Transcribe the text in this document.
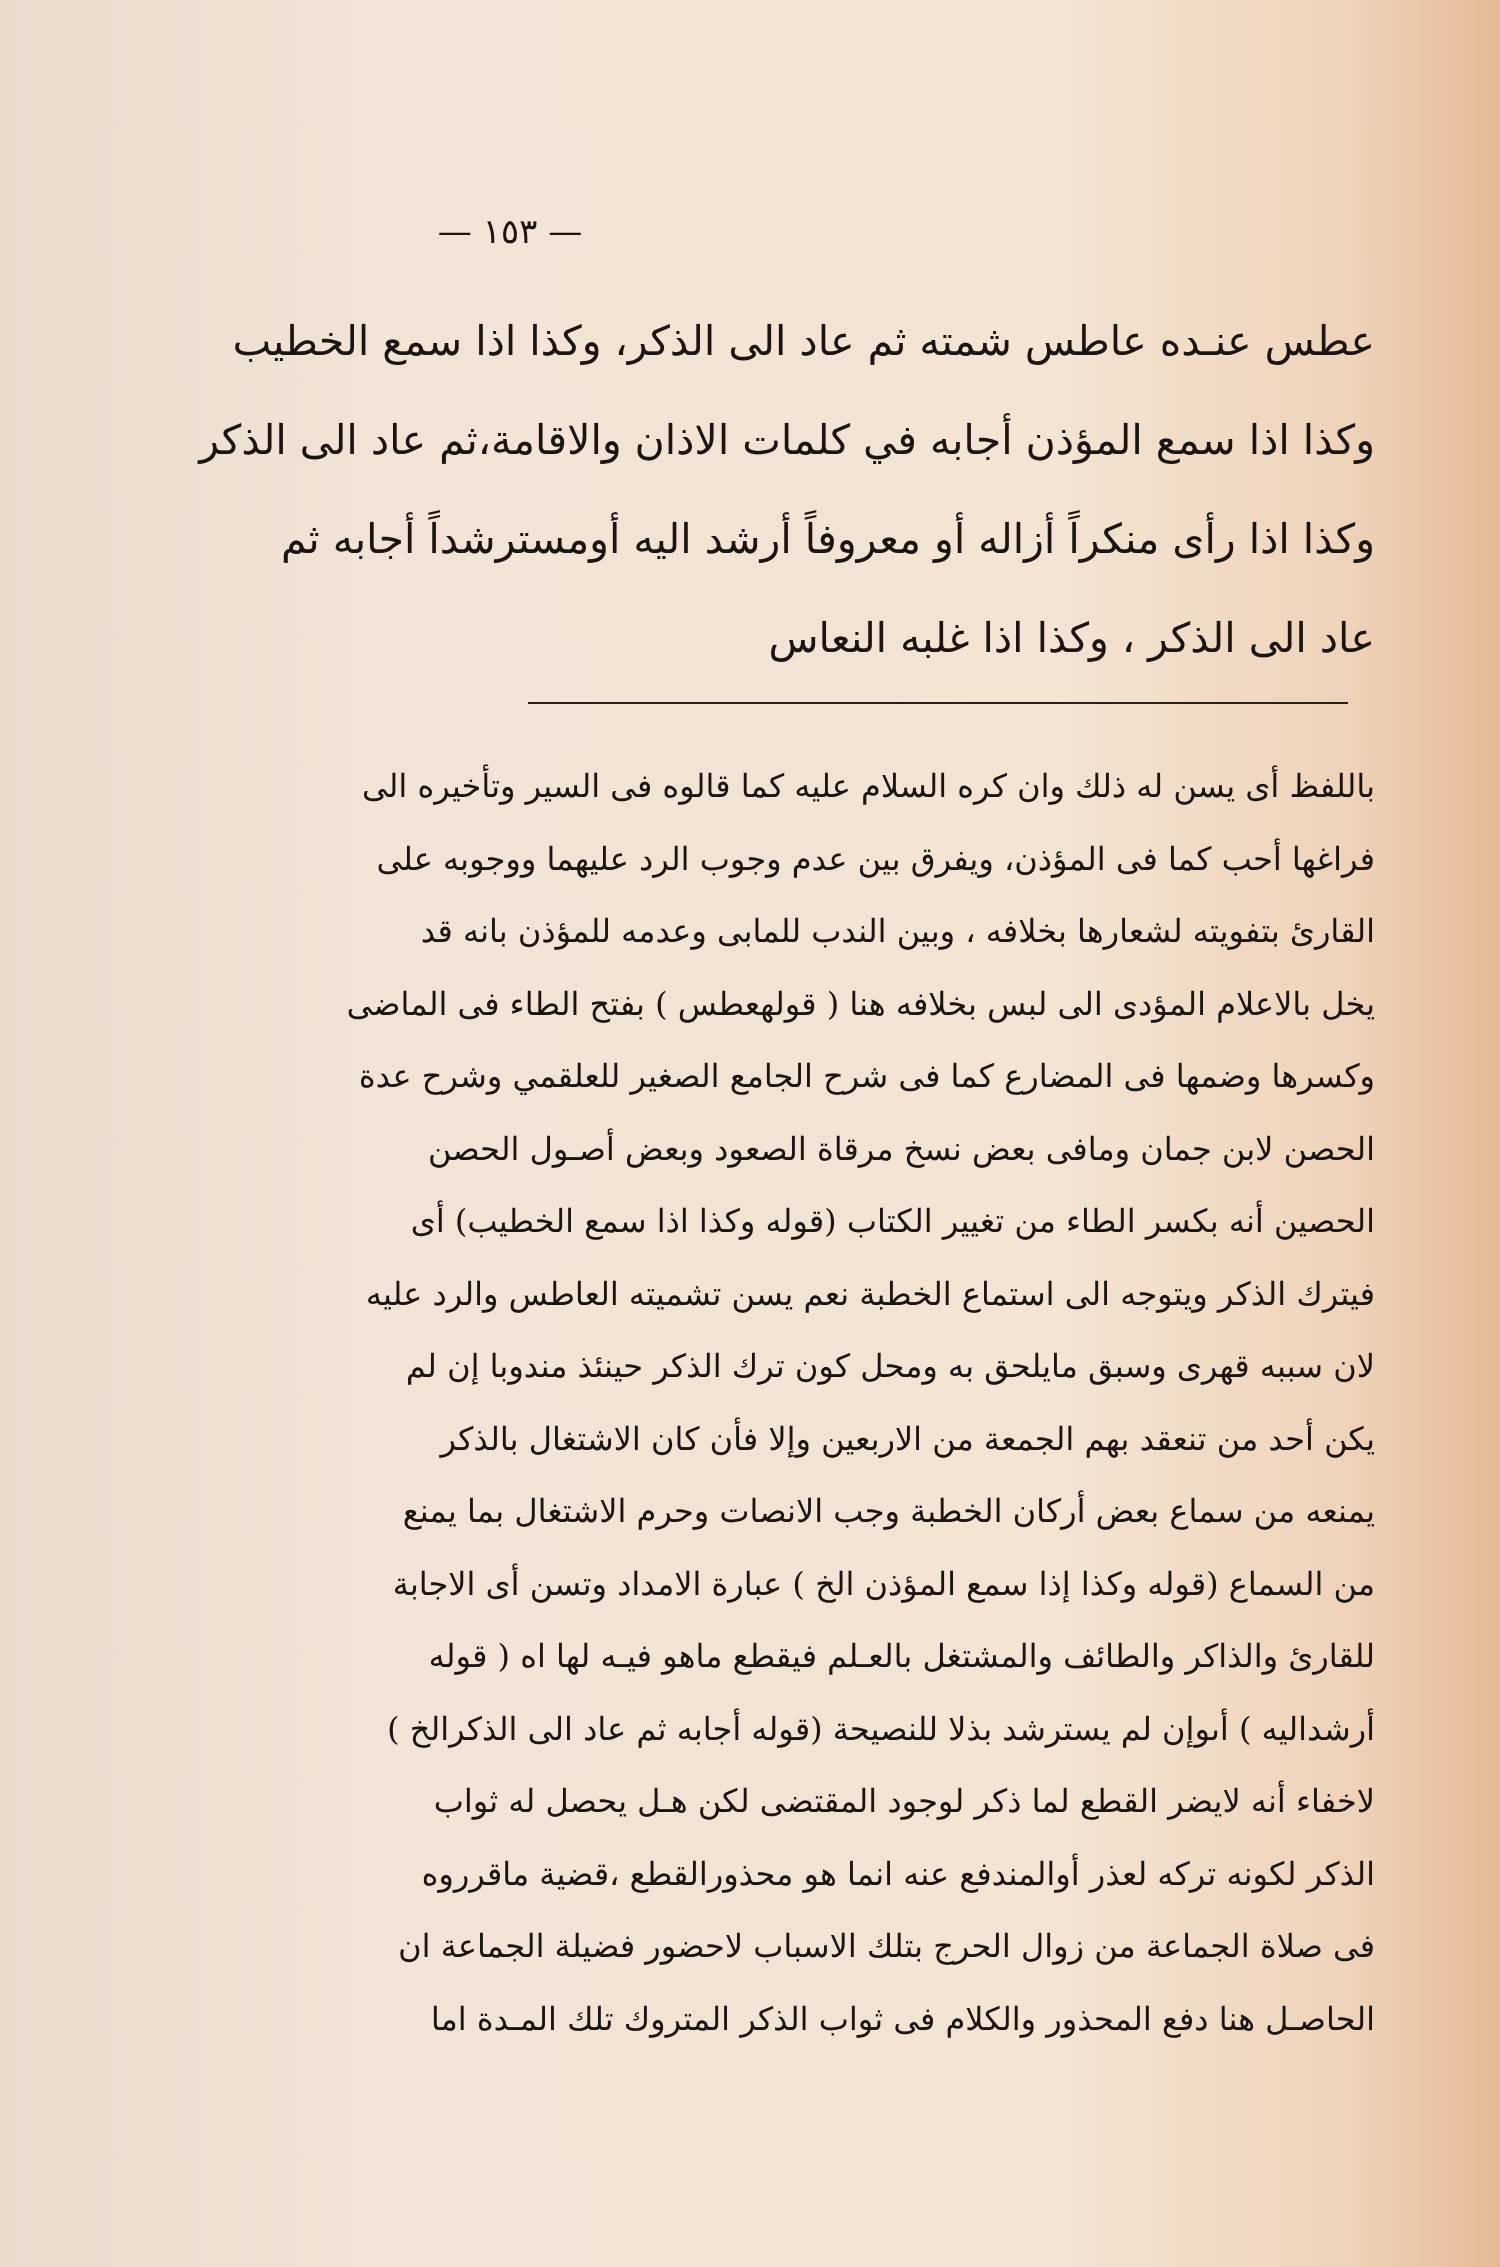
— ١٥٣ —
عطس عنـده عاطس شمته ثم عاد الى الذكر، وكذا اذا سمع الخطيب
وكذا اذا سمع المؤذن أجابه في كلمات الاذان والاقامة،ثم عاد الى الذكر
وكذا اذا رأى منكراً أزاله أو معروفاً أرشد اليه أومسترشداً أجابه ثم
عاد الى الذكر ، وكذا اذا غلبه النعاس
باللفظ أى يسن له ذلك وان كره السلام عليه كما قالوه فى السير وتأخيره الى
فراغها أحب كما فى المؤذن، ويفرق بين عدم وجوب الرد عليهما ووجوبه على
القارئ بتفويته لشعارها بخلافه ، وبين الندب للمابى وعدمه للمؤذن بانه قد
يخل بالاعلام المؤدى الى لبس بخلافه هنا ( قولهعطس ) بفتح الطاء فى الماضى
وكسرها وضمها فى المضارع كما فى شرح الجامع الصغير للعلقمي وشرح عدة
الحصن لابن جمان ومافى بعض نسخ مرقاة الصعود وبعض أصـول الحصن
الحصين أنه بكسر الطاء من تغيير الكتاب (قوله وكذا اذا سمع الخطيب) أى
فيترك الذكر ويتوجه الى استماع الخطبة نعم يسن تشميته العاطس والرد عليه
لان سببه قهرى وسبق مايلحق به ومحل كون ترك الذكر حينئذ مندوبا إن لم
يكن أحد من تنعقد بهم الجمعة من الاربعين وإلا فأن كان الاشتغال بالذكر
يمنعه من سماع بعض أركان الخطبة وجب الانصات وحرم الاشتغال بما يمنع
من السماع (قوله وكذا إذا سمع المؤذن الخ ) عبارة الامداد وتسن أى الاجابة
للقارئ والذاكر والطائف والمشتغل بالعـلم فيقطع ماهو فيـه لها اه ( قوله
أرشداليه ) أىوإن لم يسترشد بذلا للنصيحة (قوله أجابه ثم عاد الى الذكرالخ )
لاخفاء أنه لايضر القطع لما ذكر لوجود المقتضى لكن هـل يحصل له ثواب
الذكر لكونه تركه لعذر أوالمندفع عنه انما هو محذورالقطع ،قضية ماقرروه
فى صلاة الجماعة من زوال الحرج بتلك الاسباب لاحضور فضيلة الجماعة ان
الحاصـل هنا دفع المحذور والكلام فى ثواب الذكر المتروك تلك المـدة اما
